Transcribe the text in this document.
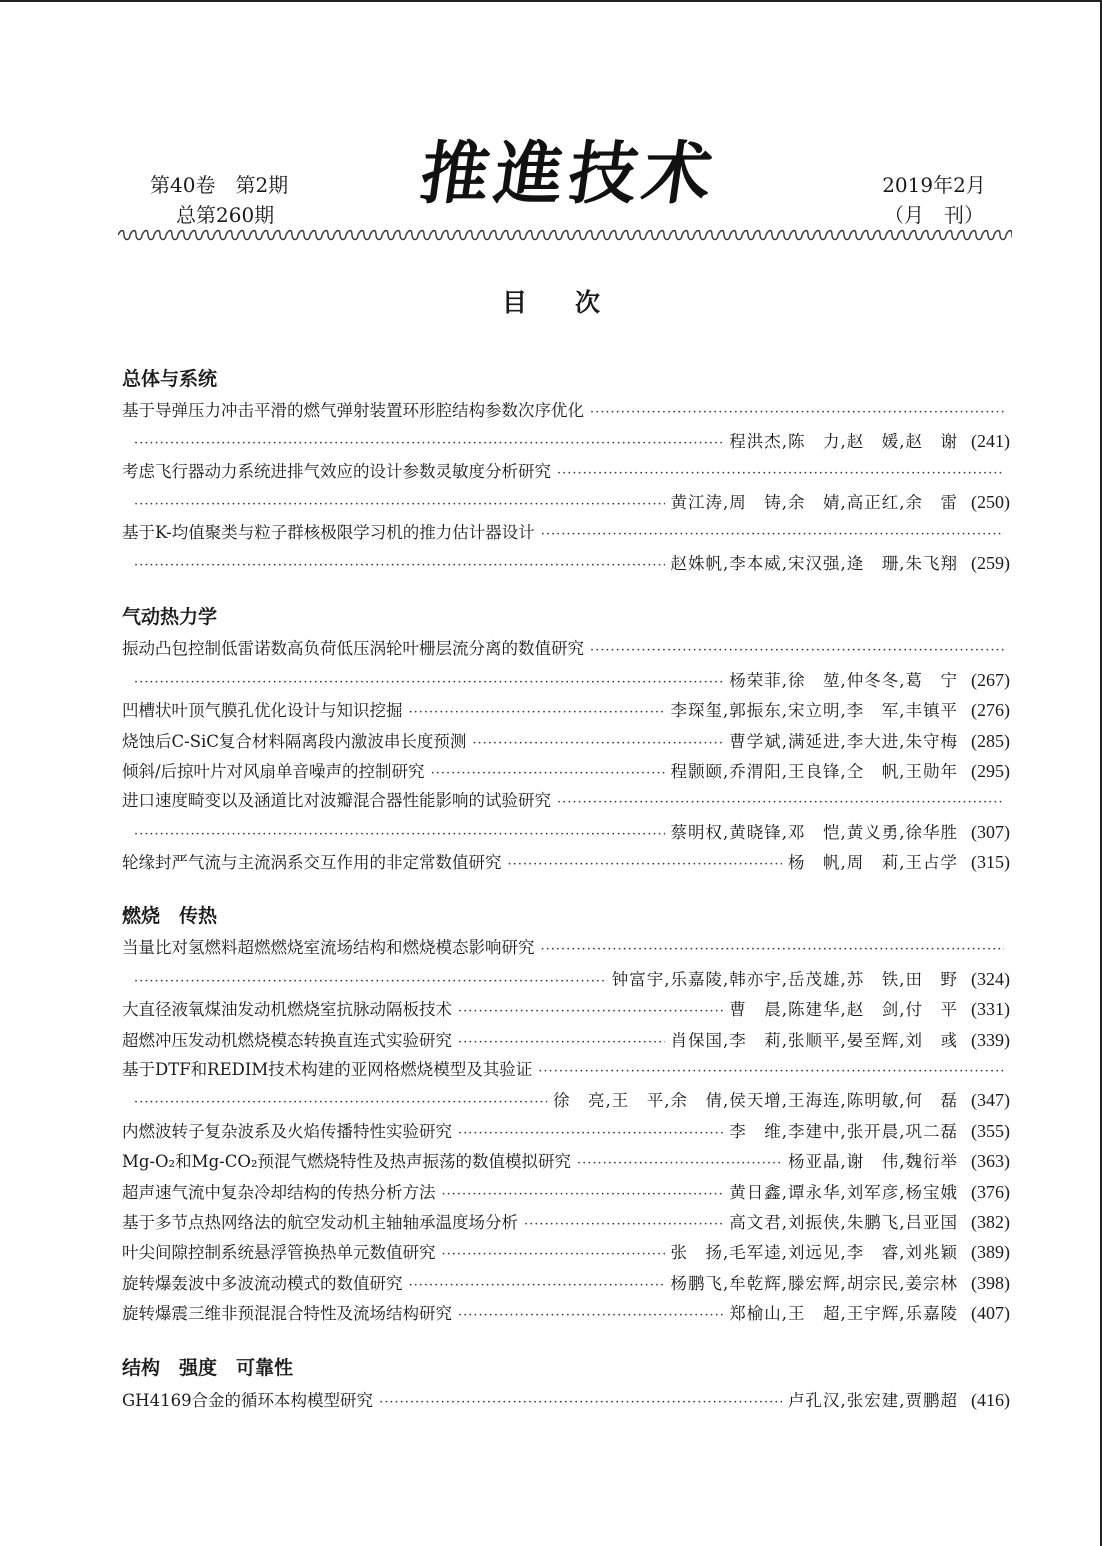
第40卷　第2期
总第260期
推進技术	2019年2月
（月　刊）
目 次
总体与系统
基于导弹压力冲击平滑的燃气弹射装置环形腔结构参数次序优化
·····
·····
程洪杰,陈　力,赵　媛,赵　谢 (241)
考虑飞行器动力系统进排气效应的设计参数灵敏度分析研究
·····
·····
黄江涛,周　铸,余　婧,高正红,余　雷 (250)
基于K-均值聚类与粒子群核极限学习机的推力估计器设计
·····
·····
赵姝帆,李本威,宋汉强,逄　珊,朱飞翔 (259)
气动热力学
振动凸包控制低雷诺数高负荷低压涡轮叶栅层流分离的数值研究
·····
·····
杨荣菲,徐　堃,仲冬冬,葛　宁 (267)
凹槽状叶顶气膜孔优化设计与知识挖掘 ·····	李琛玺,郭振东,宋立明,李　军,丰镇平 (276)
烧蚀后C-SiC复合材料隔离段内激波串长度预测 ·····	曹学斌,满延进,李大进,朱守梅 (285)
倾斜/后掠叶片对风扇单音噪声的控制研究 ·····	程颢颐,乔渭阳,王良锋,仝　帆,王勋年 (295)
进口速度畸变以及涵道比对波瓣混合器性能影响的试验研究
·····
·····
蔡明权,黄晓锋,邓　恺,黄义勇,徐华胜 (307)
轮缘封严气流与主流涡系交互作用的非定常数值研究 ·····	杨　帆,周　莉,王占学 (315)
燃烧　传热
当量比对氢燃料超燃燃烧室流场结构和燃烧模态影响研究
·····
·····
钟富宇,乐嘉陵,韩亦宇,岳茂雄,苏　铁,田　野 (324)
大直径液氧煤油发动机燃烧室抗脉动隔板技术 ·····	曹　晨,陈建华,赵　剑,付　平 (331)
超燃冲压发动机燃烧模态转换直连式实验研究 ·····	肖保国,李　莉,张顺平,晏至辉,刘　彧 (339)
基于DTF和REDIM技术构建的亚网格燃烧模型及其验证
·····
·····
徐　亮,王　平,余　倩,侯天增,王海连,陈明敏,何　磊 (347)
内燃波转子复杂波系及火焰传播特性实验研究 ·····	李　维,李建中,张开晨,巩二磊 (355)
Mg-O₂和Mg-CO₂预混气燃烧特性及热声振荡的数值模拟研究 ·····	杨亚晶,谢　伟,魏衍举 (363)
超声速气流中复杂冷却结构的传热分析方法 ·····	黄日鑫,谭永华,刘军彦,杨宝娥 (376)
基于多节点热网络法的航空发动机主轴轴承温度场分析 ·····	高文君,刘振侠,朱鹏飞,吕亚国 (382)
叶尖间隙控制系统悬浮管换热单元数值研究 ·····	张　扬,毛军逵,刘远见,李　睿,刘兆颖 (389)
旋转爆轰波中多波流动模式的数值研究 ·····	杨鹏飞,牟乾辉,滕宏辉,胡宗民,姜宗林 (398)
旋转爆震三维非预混混合特性及流场结构研究 ·····	郑榆山,王　超,王宇辉,乐嘉陵 (407)
结构　强度　可靠性
GH4169合金的循环本构模型研究 ·····	卢孔汉,张宏建,贾鹏超 (416)
